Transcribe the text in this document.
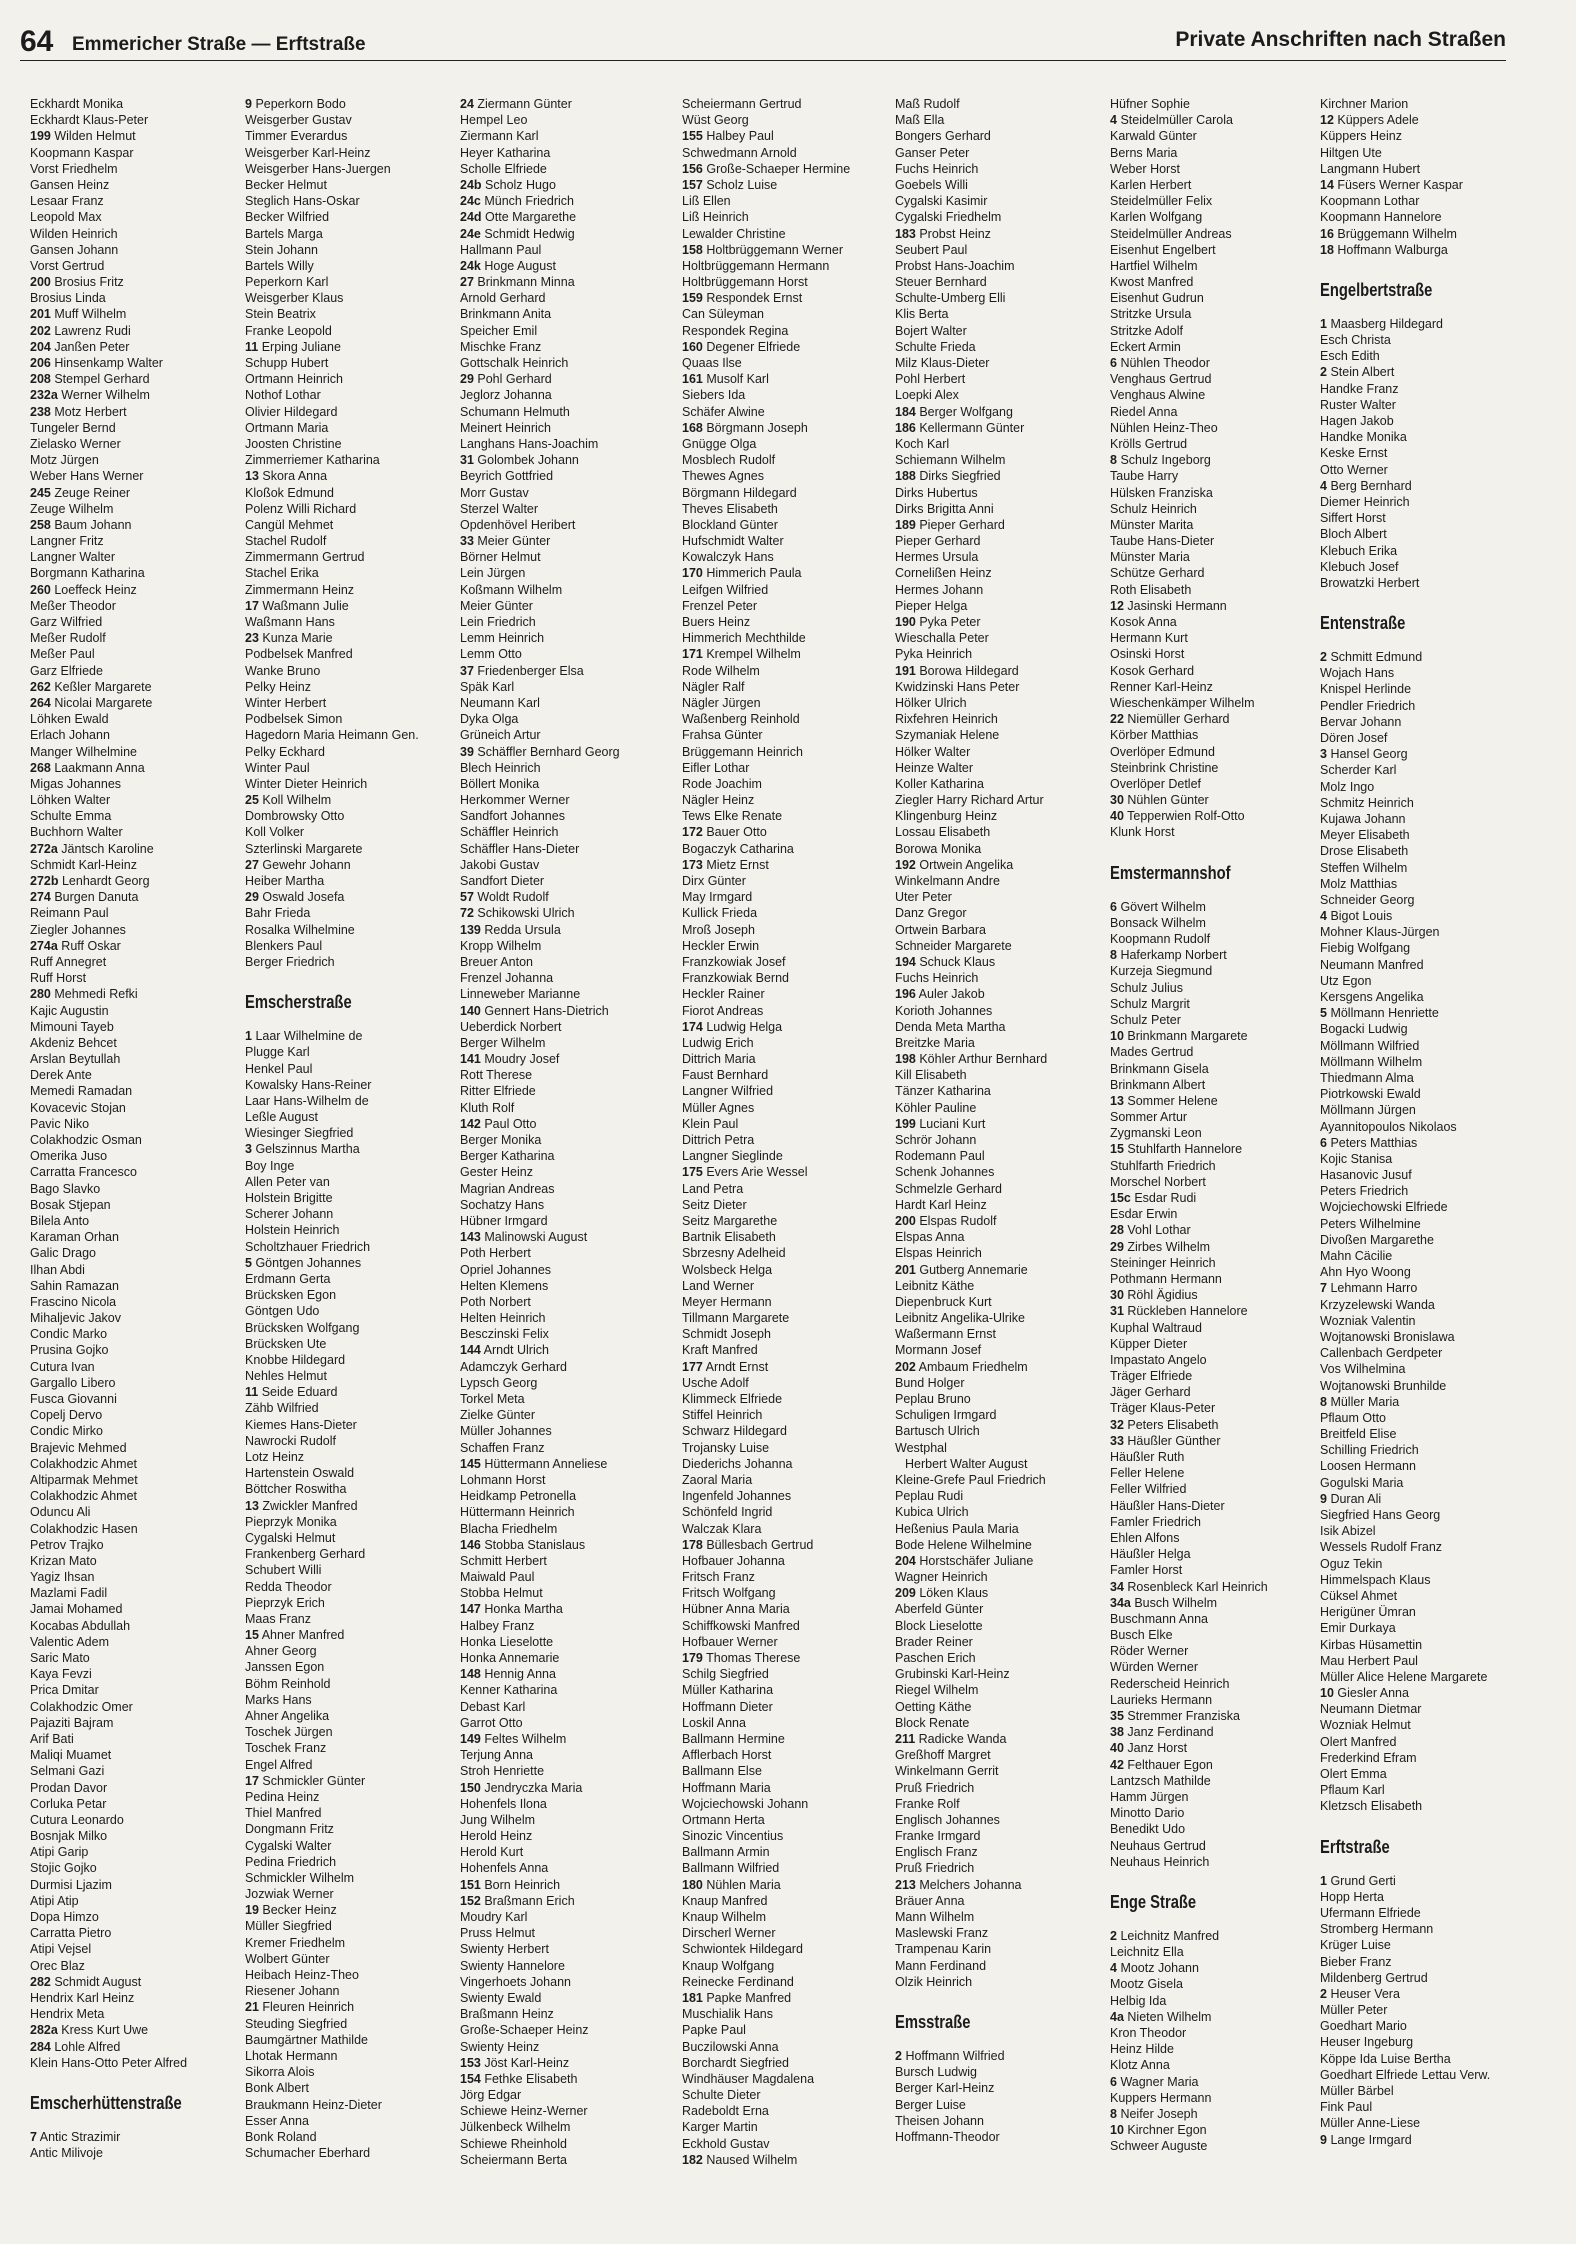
64 Emmericher Straße — Erftstraße	Private Anschriften nach Straßen
Eckhardt Monika
Eckhardt Klaus-Peter
199 Wilden Helmut
Koopmann Kaspar
Vorst Friedhelm
Gansen Heinz
Lesaar Franz
Leopold Max
Wilden Heinrich
Gansen Johann
Vorst Gertrud
200 Brosius Fritz
Brosius Linda
201 Muff Wilhelm
202 Lawrenz Rudi
204 Janßen Peter
206 Hinsenkamp Walter
208 Stempel Gerhard
232a Werner Wilhelm
238 Motz Herbert
Tungeler Bernd
Zielasko Werner
Motz Jürgen
Weber Hans Werner
245 Zeuge Reiner
Zeuge Wilhelm
258 Baum Johann
Langner Fritz
Langner Walter
Borgmann Katharina
260 Loeffeck Heinz
Meßer Theodor
Garz Wilfried
Meßer Rudolf
Meßer Paul
Garz Elfriede
262 Keßler Margarete
264 Nicolai Margarete
Löhken Ewald
Erlach Johann
Manger Wilhelmine
268 Laakmann Anna
Migas Johannes
Löhken Walter
Schulte Emma
Buchhorn Walter
272a Jäntsch Karoline
Schmidt Karl-Heinz
272b Lenhardt Georg
274 Burgen Danuta
Reimann Paul
Ziegler Johannes
274a Ruff Oskar
Ruff Annegret
Ruff Horst
280 Mehmedi Refki
Kajic Augustin
Mimouni Tayeb
Akdeniz Behcet
Arslan Beytullah
Derek Ante
Memedi Ramadan
Kovacevic Stojan
Pavic Niko
Colakhodzic Osman
Omerika Juso
Carratta Francesco
Bago Slavko
Bosak Stjepan
Bilela Anto
Karaman Orhan
Galic Drago
Ilhan Abdi
Sahin Ramazan
Frascino Nicola
Mihaljevic Jakov
Condic Marko
Prusina Gojko
Cutura Ivan
Gargallo Libero
Fusca Giovanni
Copelj Dervo
Condic Mirko
Brajevic Mehmed
Colakhodzic Ahmet
Altiparmak Mehmet
Colakhodzic Ahmet
Oduncu Ali
Colakhodzic Hasen
Petrov Trajko
Krizan Mato
Yagiz Ihsan
Mazlami Fadil
Jamai Mohamed
Kocabas Abdullah
Valentic Adem
Saric Mato
Kaya Fevzi
Prica Dmitar
Colakhodzic Omer
Pajaziti Bajram
Arif Bati
Maliqi Muamet
Selmani Gazi
Prodan Davor
Corluka Petar
Cutura Leonardo
Bosnjak Milko
Atipi Garip
Stojic Gojko
Durmisi Ljazim
Atipi Atip
Dopa Himzo
Carratta Pietro
Atipi Vejsel
Orec Blaz
282 Schmidt August
Hendrix Karl Heinz
Hendrix Meta
282a Kress Kurt Uwe
284 Lohle Alfred
Klein Hans-Otto Peter Alfred
Emscherhüttenstraße
7 Antic Strazimir
Antic Milivoje
9 Peperkorn Bodo
Weisgerber Gustav
Timmer Everardus
Weisgerber Karl-Heinz
Weisgerber Hans-Juergen
Becker Helmut
Steglich Hans-Oskar
Becker Wilfried
Bartels Marga
Stein Johann
Bartels Willy
Peperkorn Karl
Weisgerber Klaus
Stein Beatrix
Franke Leopold
11 Erping Juliane
Schupp Hubert
Ortmann Heinrich
Nothof Lothar
Olivier Hildegard
Ortmann Maria
Joosten Christine
Zimmerriemer Katharina
13 Skora Anna
Kloßok Edmund
Polenz Willi Richard
Cangül Mehmet
Stachel Rudolf
Zimmermann Gertrud
Stachel Erika
Zimmermann Heinz
17 Waßmann Julie
Waßmann Hans
23 Kunza Marie
Podbelsek Manfred
Wanke Bruno
Pelky Heinz
Winter Herbert
Podbelsek Simon
Hagedorn Maria Heimann Gen.
Pelky Eckhard
Winter Paul
Winter Dieter Heinrich
25 Koll Wilhelm
Dombrowsky Otto
Koll Volker
Szterlinski Margarete
27 Gewehr Johann
Heiber Martha
29 Oswald Josefa
Bahr Frieda
Rosalka Wilhelmine
Blenkers Paul
Berger Friedrich
Emscherstraße
1 Laar Wilhelmine de
Plugge Karl
Henkel Paul
Kowalsky Hans-Reiner
Laar Hans-Wilhelm de
Leßle August
Wiesinger Siegfried
3 Gelszinnus Martha
Boy Inge
Allen Peter van
Holstein Brigitte
Scherer Johann
Holstein Heinrich
Scholtzhauer Friedrich
5 Göntgen Johannes
Erdmann Gerta
Brücksken Egon
Göntgen Udo
Brücksken Wolfgang
Brücksken Ute
Knobbe Hildegard
Nehles Helmut
11 Seide Eduard
Zähb Wilfried
Kiemes Hans-Dieter
Nawrocki Rudolf
Lotz Heinz
Hartenstein Oswald
Böttcher Roswitha
13 Zwickler Manfred
Pieprzyk Monika
Cygalski Helmut
Frankenberg Gerhard
Schubert Willi
Redda Theodor
Pieprzyk Erich
Maas Franz
15 Ahner Manfred
Ahner Georg
Janssen Egon
Böhm Reinhold
Marks Hans
Ahner Angelika
Toschek Jürgen
Toschek Franz
Engel Alfred
17 Schmickler Günter
Pedina Heinz
Thiel Manfred
Dongmann Fritz
Cygalski Walter
Pedina Friedrich
Schmickler Wilhelm
Jozwiak Werner
19 Becker Heinz
Müller Siegfried
Kremer Friedhelm
Wolbert Günter
Heibach Heinz-Theo
Riesener Johann
21 Fleuren Heinrich
Steuding Siegfried
Baumgärtner Mathilde
Lhotak Hermann
Sikorra Alois
Bonk Albert
Braukmann Heinz-Dieter
Esser Anna
Bonk Roland
Schumacher Eberhard
24 Ziermann Günter
Hempel Leo
Ziermann Karl
Heyer Katharina
Scholle Elfriede
24b Scholz Hugo
24c Münch Friedrich
24d Otte Margarethe
24e Schmidt Hedwig
Hallmann Paul
24k Hoge August
27 Brinkmann Minna
Arnold Gerhard
Brinkmann Anita
Speicher Emil
Mischke Franz
Gottschalk Heinrich
29 Pohl Gerhard
Jeglorz Johanna
Schumann Helmuth
Meinert Heinrich
Langhans Hans-Joachim
31 Golombek Johann
Beyrich Gottfried
Morr Gustav
Sterzel Walter
Opdenhövel Heribert
33 Meier Günter
Börner Helmut
Lein Jürgen
Koßmann Wilhelm
Meier Günter
Lein Friedrich
Lemm Heinrich
Lemm Otto
37 Friedenberger Elsa
Späk Karl
Neumann Karl
Dyka Olga
Grüneich Artur
39 Schäffler Bernhard Georg
Blech Heinrich
Böllert Monika
Herkommer Werner
Sandfort Johannes
Schäffler Heinrich
Schäffler Hans-Dieter
Jakobi Gustav
Sandfort Dieter
57 Woldt Rudolf
72 Schikowski Ulrich
139 Redda Ursula
Kropp Wilhelm
Breuer Anton
Frenzel Johanna
Linneweber Marianne
140 Gennert Hans-Dietrich
Ueberdick Norbert
Berger Wilhelm
141 Moudry Josef
Rott Therese
Ritter Elfriede
Kluth Rolf
142 Paul Otto
Berger Monika
Berger Katharina
Gester Heinz
Magrian Andreas
Sochatzy Hans
Hübner Irmgard
143 Malinowski August
Poth Herbert
Opriel Johannes
Helten Klemens
Poth Norbert
Helten Heinrich
Besczinski Felix
144 Arndt Ulrich
Adamczyk Gerhard
Lypsch Georg
Torkel Meta
Zielke Günter
Müller Johannes
Schaffen Franz
145 Hüttermann Anneliese
Lohmann Horst
Heidkamp Petronella
Hüttermann Heinrich
Blacha Friedhelm
146 Stobba Stanislaus
Schmitt Herbert
Maiwald Paul
Stobba Helmut
147 Honka Martha
Halbey Franz
Honka Lieselotte
Honka Annemarie
148 Hennig Anna
Kenner Katharina
Debast Karl
Garrot Otto
149 Feltes Wilhelm
Terjung Anna
Stroh Henriette
150 Jendryczka Maria
Hohenfels Ilona
Jung Wilhelm
Herold Heinz
Herold Kurt
Hohenfels Anna
151 Born Heinrich
152 Braßmann Erich
Moudry Karl
Pruss Helmut
Swienty Herbert
Swienty Hannelore
Vingerhoets Johann
Swienty Ewald
Braßmann Heinz
Große-Schaeper Heinz
Swienty Heinz
153 Jöst Karl-Heinz
154 Fethke Elisabeth
Jörg Edgar
Schiewe Heinz-Werner
Jülkenbeck Wilhelm
Schiewe Rheinhold
Scheiermann Berta
Scheiermann Gertrud
Wüst Georg
155 Halbey Paul
Schwedmann Arnold
156 Große-Schaeper Hermine
157 Scholz Luise
Liß Ellen
Liß Heinrich
Lewalder Christine
158 Holtbrüggemann Werner
Holtbrüggemann Hermann
Holtbrüggemann Horst
159 Respondek Ernst
Can Süleyman
Respondek Regina
160 Degener Elfriede
Quaas Ilse
161 Musolf Karl
Siebers Ida
Schäfer Alwine
168 Börgmann Joseph
Gnügge Olga
Mosblech Rudolf
Thewes Agnes
Börgmann Hildegard
Theves Elisabeth
Blockland Günter
Hufschmidt Walter
Kowalczyk Hans
170 Himmerich Paula
Leifgen Wilfried
Frenzel Peter
Buers Heinz
Himmerich Mechthilde
171 Krempel Wilhelm
Rode Wilhelm
Nägler Ralf
Nägler Jürgen
Waßenberg Reinhold
Frahsa Günter
Brüggemann Heinrich
Eifler Lothar
Rode Joachim
Nägler Heinz
Tews Elke Renate
172 Bauer Otto
Bogaczyk Catharina
173 Mietz Ernst
Dirx Günter
May Irmgard
Kullick Frieda
Mroß Joseph
Heckler Erwin
Franzkowiak Josef
Franzkowiak Bernd
Heckler Rainer
Fiorot Andreas
174 Ludwig Helga
Ludwig Erich
Dittrich Maria
Faust Bernhard
Langner Wilfried
Müller Agnes
Klein Paul
Dittrich Petra
Langner Sieglinde
175 Evers Arie Wessel
Land Petra
Seitz Dieter
Seitz Margarethe
Bartnik Elisabeth
Sbrzesny Adelheid
Wolsbeck Helga
Land Werner
Meyer Hermann
Tillmann Margarete
Schmidt Joseph
Kraft Manfred
177 Arndt Ernst
Usche Adolf
Klimmeck Elfriede
Stiffel Heinrich
Schwarz Hildegard
Trojansky Luise
Diederichs Johanna
Zaoral Maria
Ingenfeld Johannes
Schönfeld Ingrid
Walczak Klara
178 Büllesbach Gertrud
Hofbauer Johanna
Fritsch Franz
Fritsch Wolfgang
Hübner Anna Maria
Schiffkowski Manfred
Hofbauer Werner
179 Thomas Therese
Schilg Siegfried
Müller Katharina
Hoffmann Dieter
Loskil Anna
Ballmann Hermine
Afflerbach Horst
Ballmann Else
Hoffmann Maria
Wojciechowski Johann
Ortmann Herta
Sinozic Vincentius
Ballmann Armin
Ballmann Wilfried
180 Nühlen Maria
Knaup Manfred
Knaup Wilhelm
Dirscherl Werner
Schwiontek Hildegard
Knaup Wolfgang
Reinecke Ferdinand
181 Papke Manfred
Muschialik Hans
Papke Paul
Buczilowski Anna
Borchardt Siegfried
Windhäuser Magdalena
Schulte Dieter
Radeboldt Erna
Karger Martin
Eckhold Gustav
182 Naused Wilhelm
Maß Rudolf
Maß Ella
Bongers Gerhard
Ganser Peter
Fuchs Heinrich
Goebels Willi
Cygalski Kasimir
Cygalski Friedhelm
183 Probst Heinz
Seubert Paul
Probst Hans-Joachim
Steuer Bernhard
Schulte-Umberg Elli
Klis Berta
Bojert Walter
Schulte Frieda
Milz Klaus-Dieter
Pohl Herbert
Loepki Alex
184 Berger Wolfgang
186 Kellermann Günter
Koch Karl
Schiemann Wilhelm
188 Dirks Siegfried
Dirks Hubertus
Dirks Brigitta Anni
189 Pieper Gerhard
Pieper Gerhard
Hermes Ursula
Cornelißen Heinz
Hermes Johann
Pieper Helga
190 Pyka Peter
Wieschalla Peter
Pyka Heinrich
191 Borowa Hildegard
Kwidzinski Hans Peter
Hölker Ulrich
Rixfehren Heinrich
Szymaniak Helene
Hölker Walter
Heinze Walter
Koller Katharina
Ziegler Harry Richard Artur
Klingenburg Heinz
Lossau Elisabeth
Borowa Monika
192 Ortwein Angelika
Winkelmann Andre
Uter Peter
Danz Gregor
Ortwein Barbara
Schneider Margarete
194 Schuck Klaus
Fuchs Heinrich
196 Auler Jakob
Korioth Johannes
Denda Meta Martha
Breitzke Maria
198 Köhler Arthur Bernhard
Kill Elisabeth
Tänzer Katharina
Köhler Pauline
199 Luciani Kurt
Schrör Johann
Rodemann Paul
Schenk Johannes
Schmelzle Gerhard
Hardt Karl Heinz
200 Elspas Rudolf
Elspas Anna
Elspas Heinrich
201 Gutberg Annemarie
Leibnitz Käthe
Diepenbruck Kurt
Leibnitz Angelika-Ulrike
Waßermann Ernst
Mormann Josef
202 Ambaum Friedhelm
Bund Holger
Peplau Bruno
Schuligen Irmgard
Bartusch Ulrich
Westphal
Herbert Walter August
Kleine-Grefe Paul Friedrich
Peplau Rudi
Kubica Ulrich
Heßenius Paula Maria
Bode Helene Wilhelmine
204 Horstschäfer Juliane
Wagner Heinrich
209 Löken Klaus
Aberfeld Günter
Block Lieselotte
Brader Reiner
Paschen Erich
Grubinski Karl-Heinz
Riegel Wilhelm
Oetting Käthe
Block Renate
211 Radicke Wanda
Greßhoff Margret
Winkelmann Gerrit
Pruß Friedrich
Franke Rolf
Englisch Johannes
Franke Irmgard
Englisch Franz
Pruß Friedrich
213 Melchers Johanna
Bräuer Anna
Mann Wilhelm
Maslewski Franz
Trampenau Karin
Mann Ferdinand
Olzik Heinrich
Emsstraße
2 Hoffmann Wilfried
Bursch Ludwig
Berger Karl-Heinz
Berger Luise
Theisen Johann
Hoffmann-Theodor
Hüfner Sophie
4 Steidelmüller Carola
Karwald Günter
Berns Maria
Weber Horst
Karlen Herbert
Steidelmüller Felix
Karlen Wolfgang
Steidelmüller Andreas
Eisenhut Engelbert
Hartfiel Wilhelm
Kwost Manfred
Eisenhut Gudrun
Stritzke Ursula
Stritzke Adolf
Eckert Armin
6 Nühlen Theodor
Venghaus Gertrud
Venghaus Alwine
Riedel Anna
Nühlen Heinz-Theo
Krölls Gertrud
8 Schulz Ingeborg
Taube Harry
Hülsken Franziska
Schulz Heinrich
Münster Marita
Taube Hans-Dieter
Münster Maria
Schütze Gerhard
Roth Elisabeth
12 Jasinski Hermann
Kosok Anna
Hermann Kurt
Osinski Horst
Kosok Gerhard
Renner Karl-Heinz
Wieschenkämper Wilhelm
22 Niemüller Gerhard
Körber Matthias
Overlöper Edmund
Steinbrink Christine
Overlöper Detlef
30 Nühlen Günter
40 Tepperwien Rolf-Otto
Klunk Horst
Emstermannshof
6 Gövert Wilhelm
Bonsack Wilhelm
Koopmann Rudolf
8 Haferkamp Norbert
Kurzeja Siegmund
Schulz Julius
Schulz Margrit
Schulz Peter
10 Brinkmann Margarete
Mades Gertrud
Brinkmann Gisela
Brinkmann Albert
13 Sommer Helene
Sommer Artur
Zygmanski Leon
15 Stuhlfarth Hannelore
Stuhlfarth Friedrich
Morschel Norbert
15c Esdar Rudi
Esdar Erwin
28 Vohl Lothar
29 Zirbes Wilhelm
Steininger Heinrich
Pothmann Hermann
30 Röhl Ägidius
31 Rückleben Hannelore
Kuphal Waltraud
Küpper Dieter
Impastato Angelo
Träger Elfriede
Jäger Gerhard
Träger Klaus-Peter
32 Peters Elisabeth
33 Häußler Günther
Häußler Ruth
Feller Helene
Feller Wilfried
Häußler Hans-Dieter
Famler Friedrich
Ehlen Alfons
Häußler Helga
Famler Horst
34 Rosenbleck Karl Heinrich
34a Busch Wilhelm
Buschmann Anna
Busch Elke
Röder Werner
Würden Werner
Rederscheid Heinrich
Laurieks Hermann
35 Stremmer Franziska
38 Janz Ferdinand
40 Janz Horst
42 Felthauer Egon
Lantzsch Mathilde
Hamm Jürgen
Minotto Dario
Benedikt Udo
Neuhaus Gertrud
Neuhaus Heinrich
Enge Straße
2 Leichnitz Manfred
Leichnitz Ella
4 Mootz Johann
Mootz Gisela
Helbig Ida
4a Nieten Wilhelm
Kron Theodor
Heinz Hilde
Klotz Anna
6 Wagner Maria
Kuppers Hermann
8 Neifer Joseph
10 Kirchner Egon
Schweer Auguste
Kirchner Marion
12 Küppers Adele
Küppers Heinz
Hiltgen Ute
Langmann Hubert
14 Füsers Werner Kaspar
Koopmann Lothar
Koopmann Hannelore
16 Brüggemann Wilhelm
18 Hoffmann Walburga
Engelbertstraße
1 Maasberg Hildegard
Esch Christa
Esch Edith
2 Stein Albert
Handke Franz
Ruster Walter
Hagen Jakob
Handke Monika
Keske Ernst
Otto Werner
4 Berg Bernhard
Diemer Heinrich
Siffert Horst
Bloch Albert
Klebuch Erika
Klebuch Josef
Browatzki Herbert
Entenstraße
2 Schmitt Edmund
Wojach Hans
Knispel Herlinde
Pendler Friedrich
Bervar Johann
Dören Josef
3 Hansel Georg
Scherder Karl
Molz Ingo
Schmitz Heinrich
Kujawa Johann
Meyer Elisabeth
Drose Elisabeth
Steffen Wilhelm
Molz Matthias
Schneider Georg
4 Bigot Louis
Mohner Klaus-Jürgen
Fiebig Wolfgang
Neumann Manfred
Utz Egon
Kersgens Angelika
5 Möllmann Henriette
Bogacki Ludwig
Möllmann Wilfried
Möllmann Wilhelm
Thiedmann Alma
Piotrkowski Ewald
Möllmann Jürgen
Ayannitopoulos Nikolaos
6 Peters Matthias
Kojic Stanisa
Hasanovic Jusuf
Peters Friedrich
Wojciechowski Elfriede
Peters Wilhelmine
Divoßen Margarethe
Mahn Cäcilie
Ahn Hyo Woong
7 Lehmann Harro
Krzyzelewski Wanda
Wozniak Valentin
Wojtanowski Bronislawa
Callenbach Gerdpeter
Vos Wilhelmina
Wojtanowski Brunhilde
8 Müller Maria
Pflaum Otto
Breitfeld Elise
Schilling Friedrich
Loosen Hermann
Gogulski Maria
9 Duran Ali
Siegfried Hans Georg
Isik Abizel
Wessels Rudolf Franz
Oguz Tekin
Himmelspach Klaus
Cüksel Ahmet
Herigüner Ümran
Emir Durkaya
Kirbas Hüsamettin
Mau Herbert Paul
Müller Alice Helene Margarete
10 Giesler Anna
Neumann Dietmar
Wozniak Helmut
Olert Manfred
Frederkind Efram
Olert Emma
Pflaum Karl
Kletzsch Elisabeth
Erftstraße
1 Grund Gerti
Hopp Herta
Ufermann Elfriede
Stromberg Hermann
Krüger Luise
Bieber Franz
Mildenberg Gertrud
2 Heuser Vera
Müller Peter
Goedhart Mario
Heuser Ingeburg
Köppe Ida Luise Bertha
Goedhart Elfriede Lettau Verw.
Müller Bärbel
Fink Paul
Müller Anne-Liese
9 Lange Irmgard
